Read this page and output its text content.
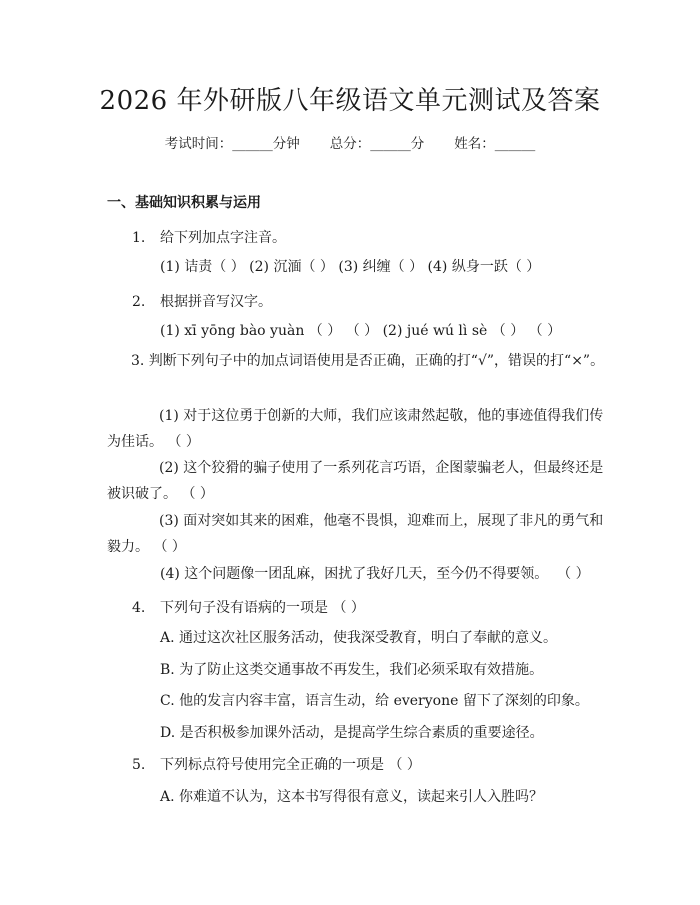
2026 年外研版八年级语文单元测试及答案
考试时间：______分钟 总分：______分 姓名：______
一、基础知识积累与运用
1. 给下列加点字注音。
(1) 诘责（ ） (2) 沉湎（ ） (3) 纠缠（ ） (4) 纵身一跃（ ）
2. 根据拼音写汉字。
(1) xī yōng bào yuàn （ ） （ ） (2) jué wú lì sè （ ） （ ）
3. 判断下列句子中的加点词语使用是否正确，正确的打“√”，错误的打“×”。
(1) 对于这位勇于创新的大师，我们应该肃然起敬，他的事迹值得我们传为佳话。 （ ）
(2) 这个狡猾的骗子使用了一系列花言巧语，企图蒙骗老人，但最终还是被识破了。 （ ）
(3) 面对突如其来的困难，他毫不畏惧，迎难而上，展现了非凡的勇气和毅力。 （ ）
(4) 这个问题像一团乱麻，困扰了我好几天，至今仍不得要领。  （ ）
4. 下列句子没有语病的一项是 （ ）
A. 通过这次社区服务活动，使我深受教育，明白了奉献的意义。
B. 为了防止这类交通事故不再发生，我们必须采取有效措施。
C. 他的发言内容丰富，语言生动，给 everyone 留下了深刻的印象。
D. 是否积极参加课外活动，是提高学生综合素质的重要途径。
5. 下列标点符号使用完全正确的一项是 （ ）
A. 你难道不认为，这本书写得很有意义，读起来引人入胜吗？
